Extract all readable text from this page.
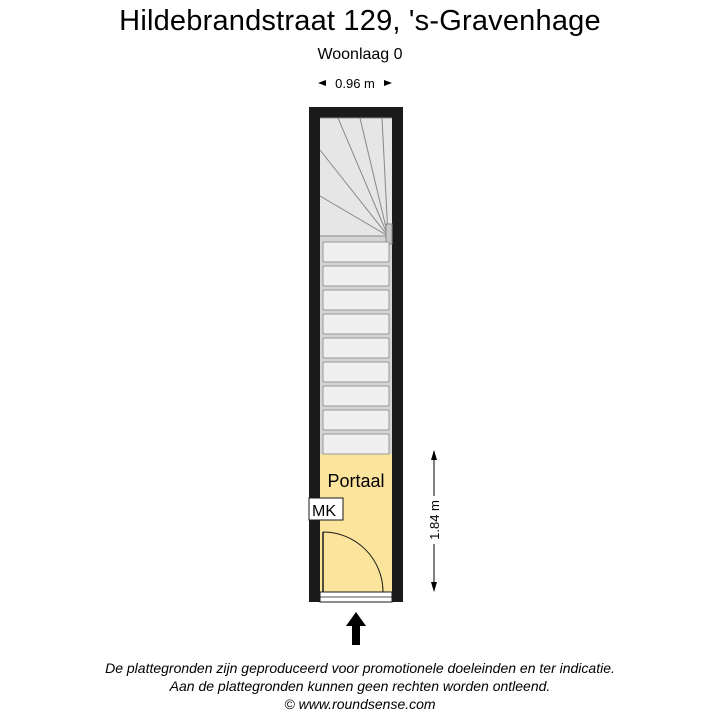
Hildebrandstraat 129, 's-Gravenhage
Woonlaag 0
0.96 m
MK
Portaal
1.84 m
De plattegronden zijn geproduceerd voor promotionele doeleinden en ter indicatie.
Aan de plattegronden kunnen geen rechten worden ontleend.
© www.roundsense.com
